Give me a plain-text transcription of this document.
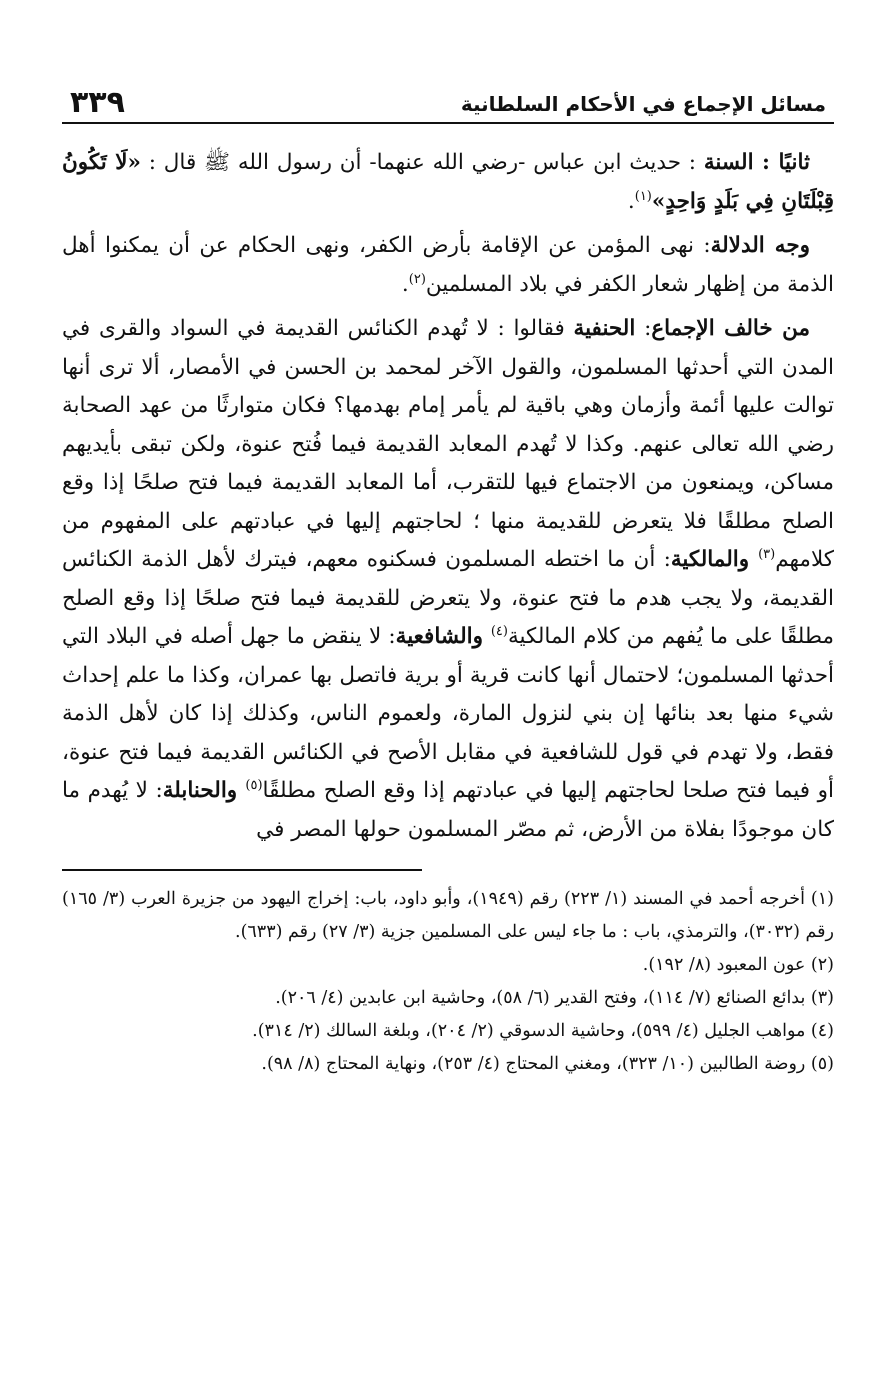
مسائل الإجماع في الأحكام السلطانية
٣٣٩

ثانيًا : السنة : حديث ابن عباس -رضي الله عنهما- أن رسول الله ﷺ قال : «لَا تَكُونُ قِبْلَتَانِ فِي بَلَدٍ وَاحِدٍ»$^{(١)}$.

وجه الدلالة: نهى المؤمن عن الإقامة بأرض الكفر، ونهى الحكام عن أن يمكنوا أهل الذمة من إظهار شعار الكفر في بلاد المسلمين$^{(٢)}$.

من خالف الإجماع: الحنفية فقالوا : لا تُهدم الكنائس القديمة في السواد والقرى في المدن التي أحدثها المسلمون، والقول الآخر لمحمد بن الحسن في الأمصار، ألا ترى أنها توالت عليها أئمة وأزمان وهي باقية لم يأمر إمام بهدمها؟ فكان متوارثًا من عهد الصحابة رضي الله تعالى عنهم. وكذا لا تُهدم المعابد القديمة فيما فُتح عنوة، ولكن تبقى بأيديهم مساكن، ويمنعون من الاجتماع فيها للتقرب، أما المعابد القديمة فيما فتح صلحًا إذا وقع الصلح مطلقًا فلا يتعرض للقديمة منها ؛ لحاجتهم إليها في عبادتهم على المفهوم من كلامهم$^{(٣)}$ والمالكية: أن ما اختطه المسلمون فسكنوه معهم، فيترك لأهل الذمة الكنائس القديمة، ولا يجب هدم ما فتح عنوة، ولا يتعرض للقديمة فيما فتح صلحًا إذا وقع الصلح مطلقًا على ما يُفهم من كلام المالكية$^{(٤)}$ والشافعية: لا ينقض ما جهل أصله في البلاد التي أحدثها المسلمون؛ لاحتمال أنها كانت قرية أو برية فاتصل بها عمران، وكذا ما علم إحداث شيء منها بعد بنائها إن بني لنزول المارة، ولعموم الناس، وكذلك إذا كان لأهل الذمة فقط، ولا تهدم في قول للشافعية في مقابل الأصح في الكنائس القديمة فيما فتح عنوة، أو فيما فتح صلحا لحاجتهم إليها في عبادتهم إذا وقع الصلح مطلقًا$^{(٥)}$ والحنابلة: لا يُهدم ما كان موجودًا بفلاة من الأرض، ثم مصّر المسلمون حولها المصر في

(١) أخرجه أحمد في المسند (١/ ٢٢٣) رقم (١٩٤٩)، وأبو داود، باب: إخراج اليهود من جزيرة العرب (٣/ ١٦٥) رقم (٣٠٣٢)، والترمذي، باب : ما جاء ليس على المسلمين جزية (٣/ ٢٧) رقم (٦٣٣).

(٢) عون المعبود (٨/ ١٩٢).

(٣) بدائع الصنائع (٧/ ١١٤)، وفتح القدير (٦/ ٥٨)، وحاشية ابن عابدين (٤/ ٢٠٦).

(٤) مواهب الجليل (٤/ ٥٩٩)، وحاشية الدسوقي (٢/ ٢٠٤)، وبلغة السالك (٢/ ٣١٤).

(٥) روضة الطالبين (١٠/ ٣٢٣)، ومغني المحتاج (٤/ ٢٥٣)، ونهاية المحتاج (٨/ ٩٨).
